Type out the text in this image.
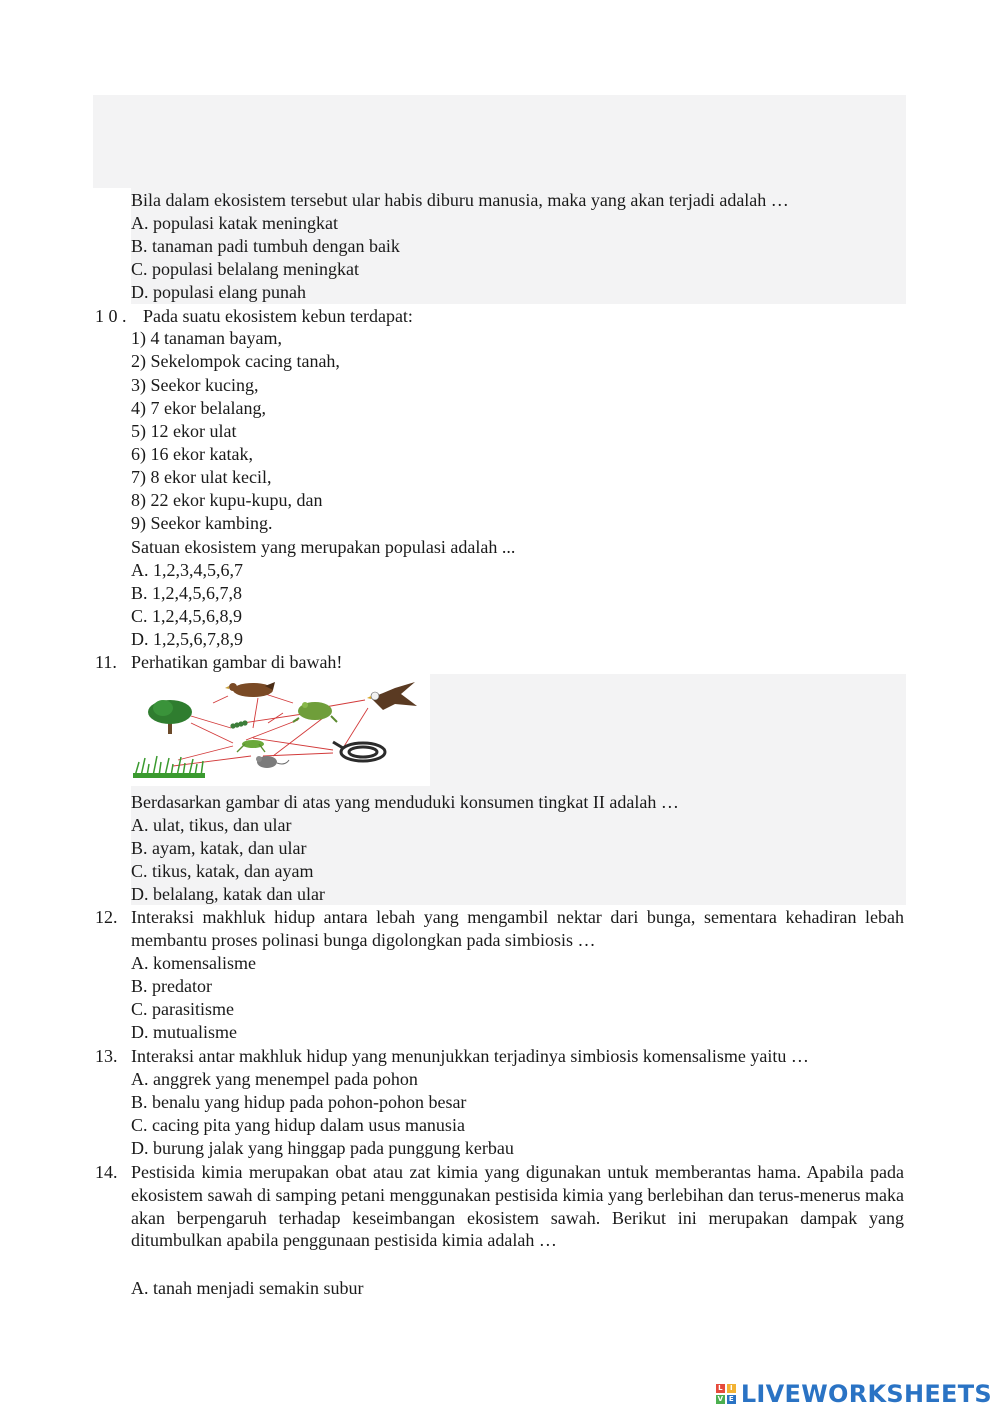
Bila dalam ekosistem tersebut ular habis diburu manusia, maka yang akan terjadi adalah …
A. populasi katak meningkat
B. tanaman padi tumbuh dengan baik
C. populasi belalang meningkat
D. populasi elang punah
1 0 . Pada suatu ekosistem kebun terdapat:
1) 4 tanaman bayam,
2) Sekelompok cacing tanah,
3) Seekor kucing,
4) 7 ekor belalang,
5) 12 ekor ulat
6) 16 ekor katak,
7) 8 ekor ulat kecil,
8) 22 ekor kupu-kupu, dan
9) Seekor kambing.
Satuan ekosistem yang merupakan populasi adalah ...
A. 1,2,3,4,5,6,7
B. 1,2,4,5,6,7,8
C. 1,2,4,5,6,8,9
D. 1,2,5,6,7,8,9
11. Perhatikan gambar di bawah!
Berdasarkan gambar di atas yang menduduki konsumen tingkat II adalah …
A. ulat, tikus, dan ular
B. ayam, katak, dan ular
C. tikus, katak, dan ayam
D. belalang, katak dan ular
12. Interaksi makhluk hidup antara lebah yang mengambil nektar dari bunga, sementara kehadiran lebah membantu proses polinasi bunga digolongkan pada simbiosis …
A. komensalisme
B. predator
C. parasitisme
D. mutualisme
13. Interaksi antar makhluk hidup yang menunjukkan terjadinya simbiosis komensalisme yaitu …
A. anggrek yang menempel pada pohon
B. benalu yang hidup pada pohon-pohon besar
C. cacing pita yang hidup dalam usus manusia
D. burung jalak yang hinggap pada punggung kerbau
14. Pestisida kimia merupakan obat atau zat kimia yang digunakan untuk memberantas hama. Apabila pada ekosistem sawah di samping petani menggunakan pestisida kimia yang berlebihan dan terus-menerus maka akan berpengaruh terhadap keseimbangan ekosistem sawah. Berikut ini merupakan dampak yang ditumbulkan apabila penggunaan pestisida kimia adalah …
A. tanah menjadi semakin subur
L	I
V E LIVEWORKSHEETS
